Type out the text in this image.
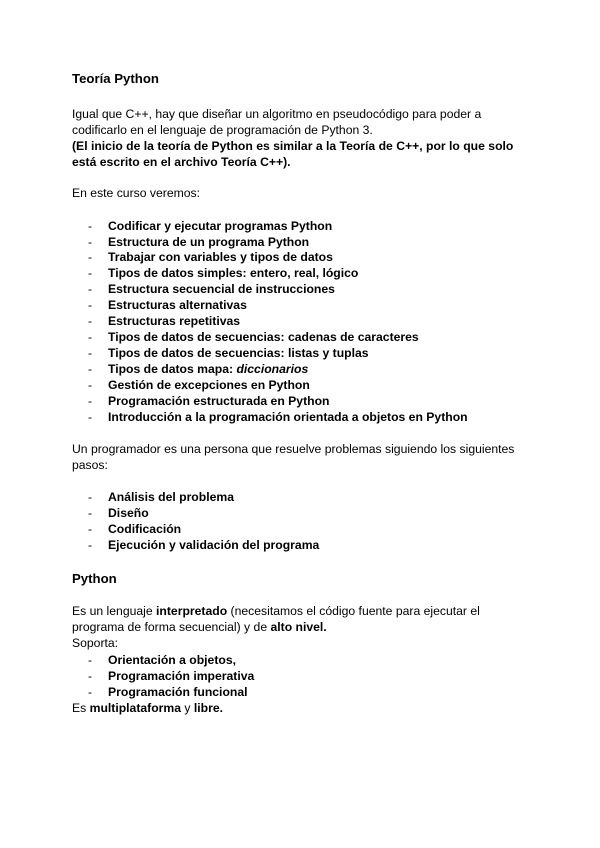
Teoría Python
Igual que C++, hay que diseñar un algoritmo en pseudocódigo para poder a
codificarlo en el lenguaje de programación de Python 3.
(El inicio de la teoría de Python es similar a la Teoría de C++, por lo que solo
está escrito en el archivo Teoría C++).
En este curso veremos:
- Codificar y ejecutar programas Python
- Estructura de un programa Python
- Trabajar con variables y tipos de datos
- Tipos de datos simples: entero, real, lógico
- Estructura secuencial de instrucciones
- Estructuras alternativas
- Estructuras repetitivas
- Tipos de datos de secuencias: cadenas de caracteres
- Tipos de datos de secuencias: listas y tuplas
- Tipos de datos mapa: diccionarios
- Gestión de excepciones en Python
- Programación estructurada en Python
- Introducción a la programación orientada a objetos en Python
Un programador es una persona que resuelve problemas siguiendo los siguientes
pasos:
- Análisis del problema
- Diseño
- Codificación
- Ejecución y validación del programa
Python
Es un lenguaje interpretado (necesitamos el código fuente para ejecutar el
programa de forma secuencial) y de alto nivel.
Soporta:
- Orientación a objetos,
- Programación imperativa
- Programación funcional
Es multiplataforma y libre.
